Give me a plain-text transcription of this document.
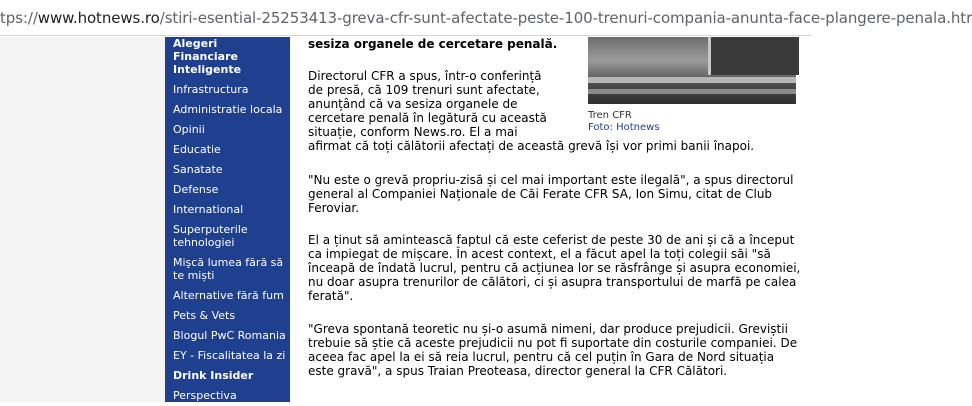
tps://www.hotnews.ro/stiri-esential-25253413-greva-cfr-sunt-afectate-peste-100-trenuri-compania-anunta-face-plangere-penala.htr
Alegeri
Financiare
Inteligente
Infrastructura
Administratie locala
Opinii
Educatie
Sanatate
Defense
International
Superputerile tehnologiei
Mişcă lumea fără să te miști
Alternative fără fum
Pets & Vets
Blogul PwC Romania
EY - Fiscalitatea la zi
Drink Insider
Perspectiva
sesiza organele de cercetare penală.
Tren CFR
Foto: Hotnews
Directorul CFR a spus, într-o conferință
de presă, că 109 trenuri sunt afectate,
anunțând că va sesiza organele de
cercetare penală în legătură cu această
situație, conform News.ro. El a mai
afirmat că toți călătorii afectați de această grevă își vor primi banii înapoi.

"Nu este o grevă propriu-zisă și cel mai important este ilegală", a spus directorul general al Companiei Naționale de Căi Ferate CFR SA, Ion Simu, citat de Club Feroviar.

El a ținut să amintească faptul că este ceferist de peste 30 de ani și că a început ca impiegat de mișcare. În acest context, el a făcut apel la toți colegii săi "să înceapă de îndată lucrul, pentru că acțiunea lor se răsfrânge și asupra economiei, nu doar asupra trenurilor de călători, ci și asupra transportului de marfă pe calea ferată".

"Greva spontană teoretic nu și-o asumă nimeni, dar produce prejudicii. Greviștii trebuie să știe că aceste prejudicii nu pot fi suportate din costurile companiei. De aceea fac apel la ei să reia lucrul, pentru că cel puțin în Gara de Nord situația este gravă", a spus Traian Preoteasa, director general la CFR Călători.
